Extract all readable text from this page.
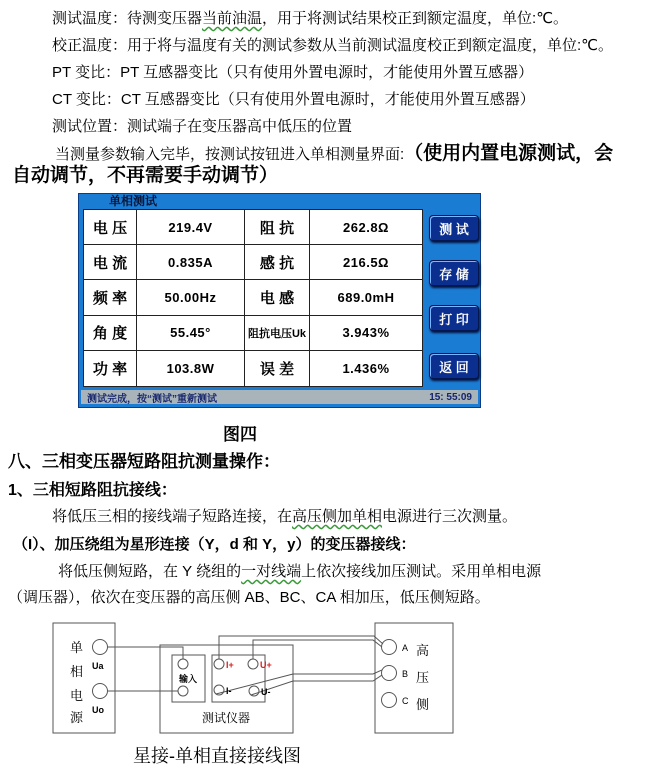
测试温度：待测变压器当前油温，用于将测试结果校正到额定温度，单位:℃。
校正温度：用于将与温度有关的测试参数从当前测试温度校正到额定温度，单位:℃。
PT 变比：PT 互感器变比（只有使用外置电源时，才能使用外置互感器）
CT 变比：CT 互感器变比（只有使用外置电源时，才能使用外置互感器）
测试位置：测试端子在变压器高中低压的位置
当测量参数输入完毕，按测试按钮进入单相测量界面:（使用内置电源测试，会
自动调节，不再需要手动调节）
单相测试
电 压	219.4V	阻 抗	262.8Ω
电 流	0.835A	感 抗	216.5Ω
频 率	50.00Hz	电 感	689.0mH
角 度	55.45°	阻抗电压Uk	3.943%
功 率	103.8W	误 差	1.436%
测 试
存 储
打 印
返 回
测试完成，按“测试”重新测试	15: 55:09
图四
八、三相变压器短路阻抗测量操作：
1、三相短路阻抗接线：
将低压三相的接线端子短路连接，在高压侧加单相电源进行三次测量。
（I）、加压绕组为星形连接（Y，d 和 Y，y）的变压器接线：
将低压侧短路，在 Y 绕组的一对线端上依次接线加压测试。采用单相电源
（调压器），依次在变压器的高压侧 AB、BC、CA 相加压，低压侧短路。
单
相
电
源
Ua
Uo
输入
I+	U+
I-	U-
测试仪器
A
B
C
高
压
侧
星接-单相直接接线图
